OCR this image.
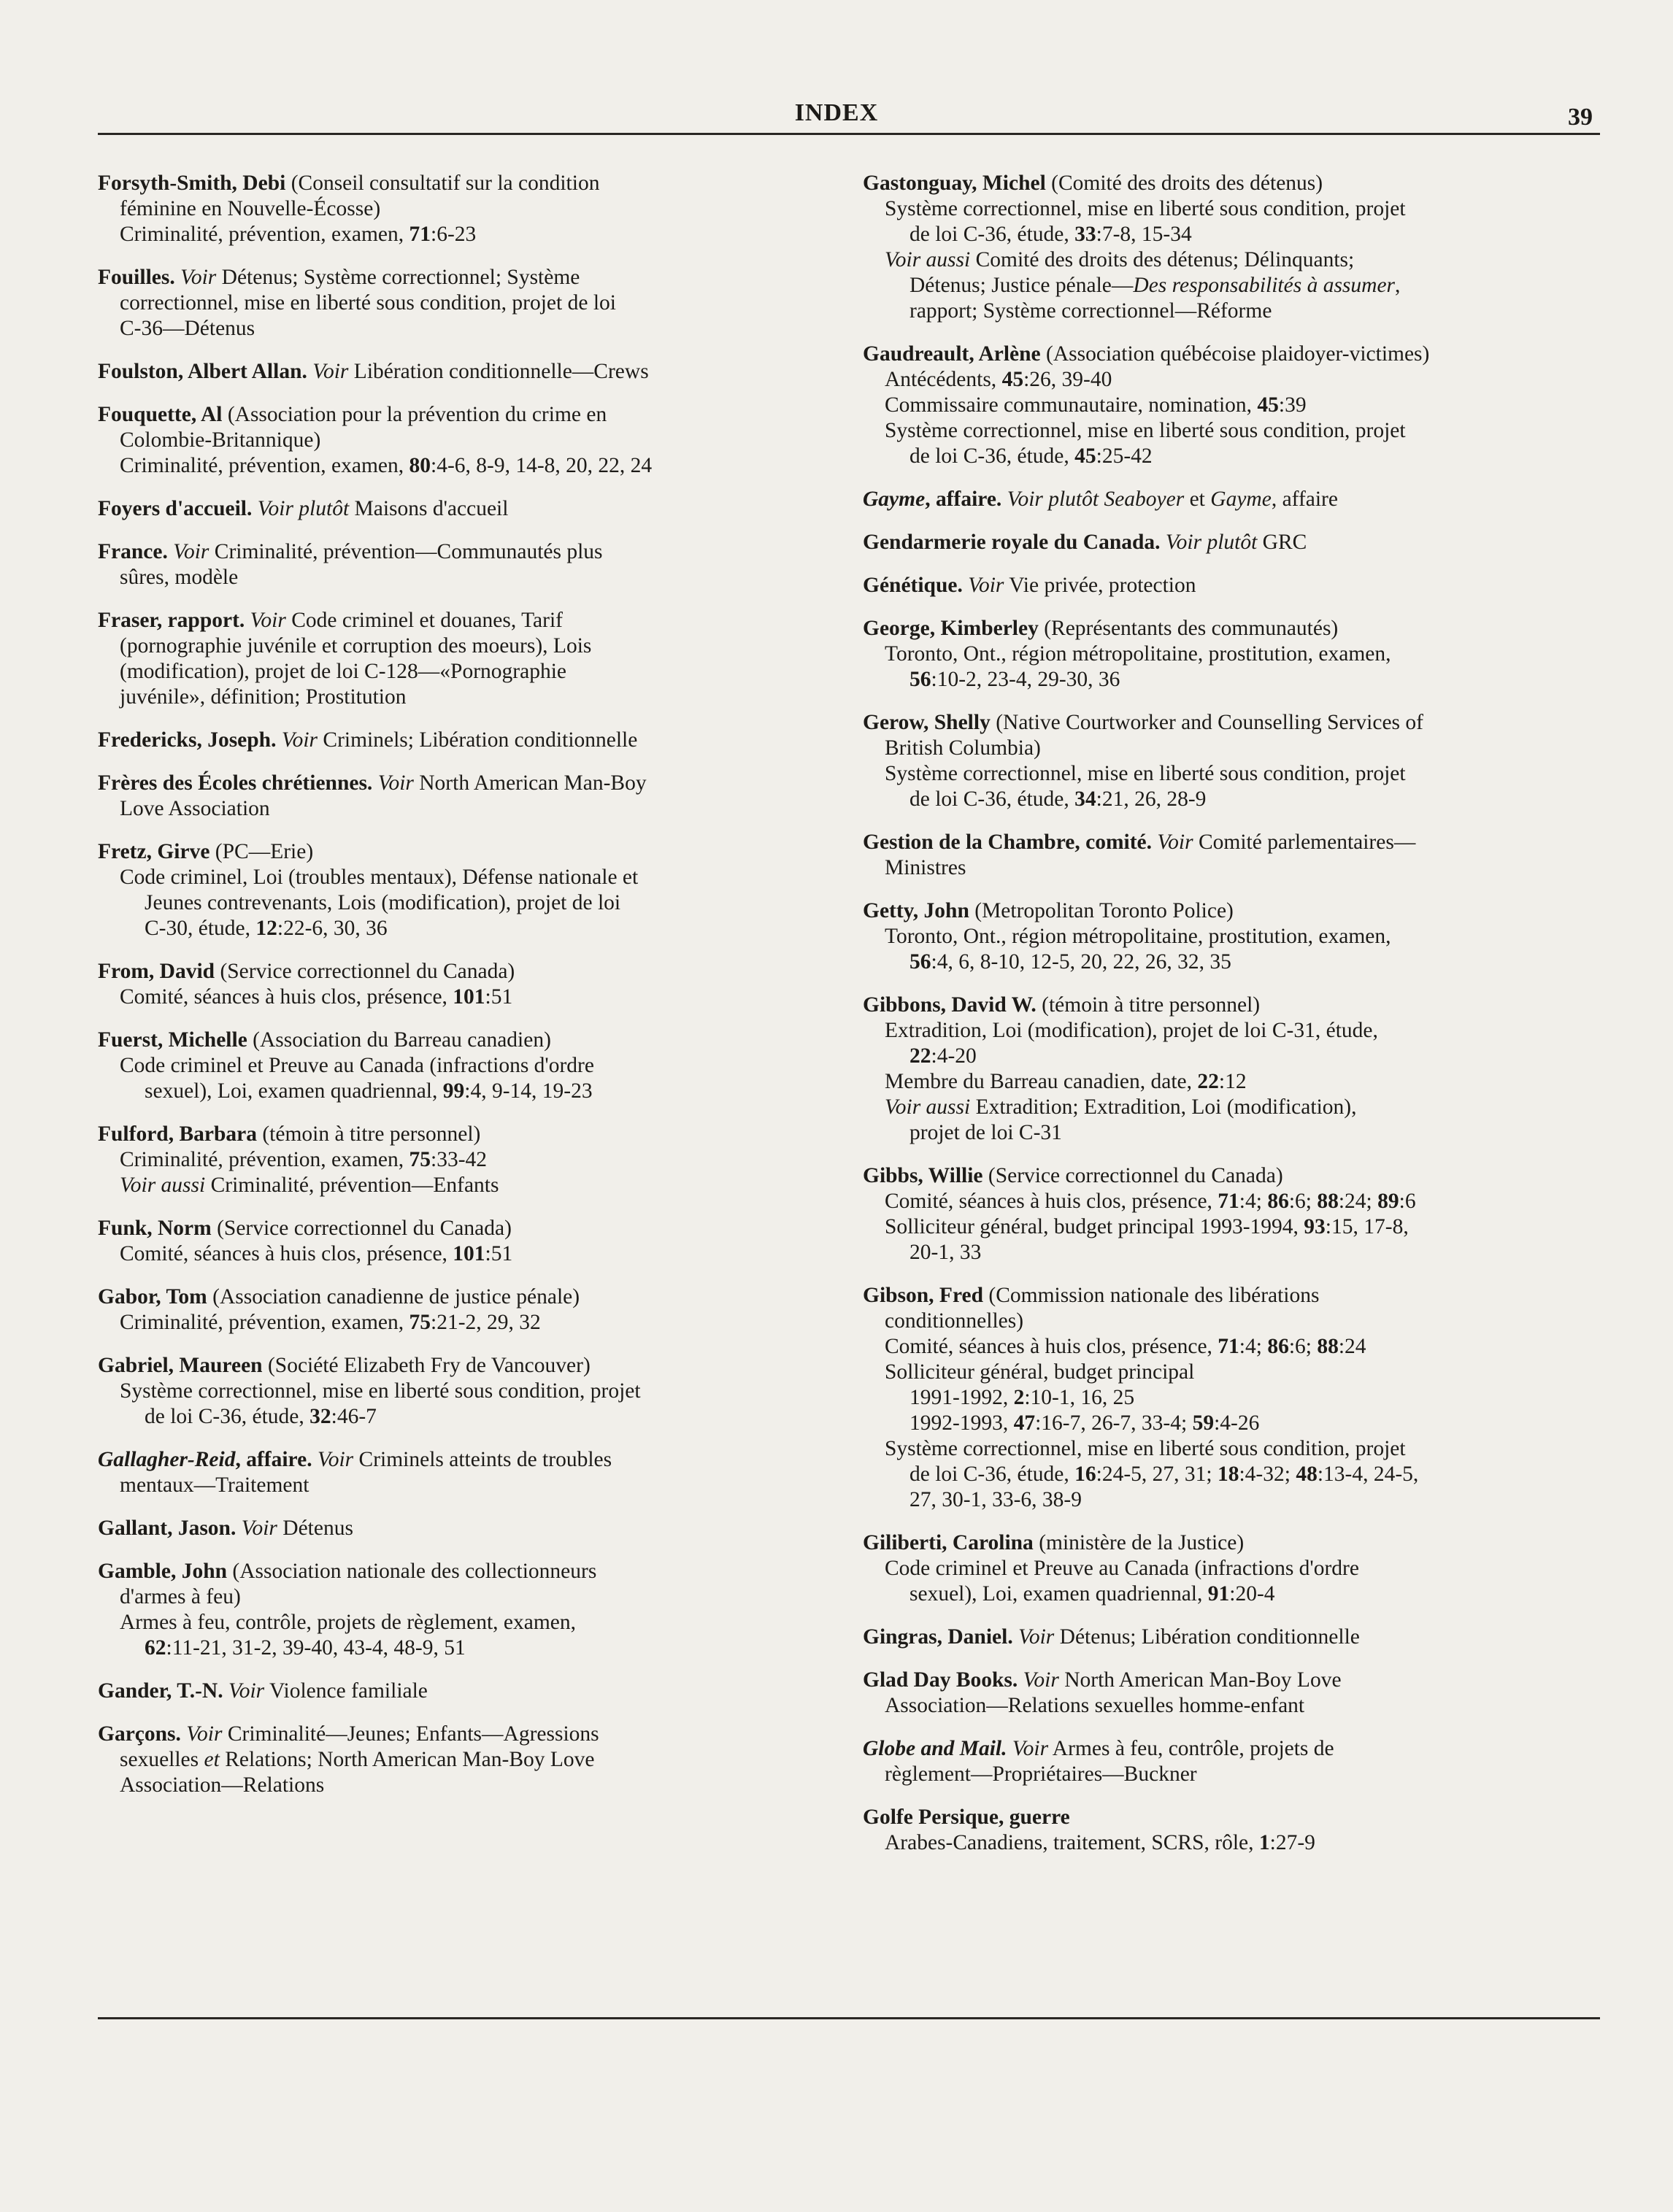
INDEX	39
Forsyth-Smith, Debi (Conseil consultatif sur la condition
féminine en Nouvelle-Écosse)
Criminalité, prévention, examen, 71:6-23
Fouilles. Voir Détenus; Système correctionnel; Système
correctionnel, mise en liberté sous condition, projet de loi
C-36—Détenus
Foulston, Albert Allan. Voir Libération conditionnelle—Crews
Fouquette, Al (Association pour la prévention du crime en
Colombie-Britannique)
Criminalité, prévention, examen, 80:4-6, 8-9, 14-8, 20, 22, 24
Foyers d'accueil. Voir plutôt Maisons d'accueil
France. Voir Criminalité, prévention—Communautés plus
sûres, modèle
Fraser, rapport. Voir Code criminel et douanes, Tarif
(pornographie juvénile et corruption des moeurs), Lois
(modification), projet de loi C-128—«Pornographie
juvénile», définition; Prostitution
Fredericks, Joseph. Voir Criminels; Libération conditionnelle
Frères des Écoles chrétiennes. Voir North American Man-Boy
Love Association
Fretz, Girve (PC—Erie)
Code criminel, Loi (troubles mentaux), Défense nationale et
Jeunes contrevenants, Lois (modification), projet de loi
C-30, étude, 12:22-6, 30, 36
From, David (Service correctionnel du Canada)
Comité, séances à huis clos, présence, 101:51
Fuerst, Michelle (Association du Barreau canadien)
Code criminel et Preuve au Canada (infractions d'ordre
sexuel), Loi, examen quadriennal, 99:4, 9-14, 19-23
Fulford, Barbara (témoin à titre personnel)
Criminalité, prévention, examen, 75:33-42
Voir aussi Criminalité, prévention—Enfants
Funk, Norm (Service correctionnel du Canada)
Comité, séances à huis clos, présence, 101:51
Gabor, Tom (Association canadienne de justice pénale)
Criminalité, prévention, examen, 75:21-2, 29, 32
Gabriel, Maureen (Société Elizabeth Fry de Vancouver)
Système correctionnel, mise en liberté sous condition, projet
de loi C-36, étude, 32:46-7
Gallagher-Reid, affaire. Voir Criminels atteints de troubles
mentaux—Traitement
Gallant, Jason. Voir Détenus
Gamble, John (Association nationale des collectionneurs
d'armes à feu)
Armes à feu, contrôle, projets de règlement, examen,
62:11-21, 31-2, 39-40, 43-4, 48-9, 51
Gander, T.-N. Voir Violence familiale
Garçons. Voir Criminalité—Jeunes; Enfants—Agressions
sexuelles et Relations; North American Man-Boy Love
Association—Relations
Gastonguay, Michel (Comité des droits des détenus)
Système correctionnel, mise en liberté sous condition, projet
de loi C-36, étude, 33:7-8, 15-34
Voir aussi Comité des droits des détenus; Délinquants;
Détenus; Justice pénale—Des responsabilités à assumer,
rapport; Système correctionnel—Réforme
Gaudreault, Arlène (Association québécoise plaidoyer-victimes)
Antécédents, 45:26, 39-40
Commissaire communautaire, nomination, 45:39
Système correctionnel, mise en liberté sous condition, projet
de loi C-36, étude, 45:25-42
Gayme, affaire. Voir plutôt Seaboyer et Gayme, affaire
Gendarmerie royale du Canada. Voir plutôt GRC
Génétique. Voir Vie privée, protection
George, Kimberley (Représentants des communautés)
Toronto, Ont., région métropolitaine, prostitution, examen,
56:10-2, 23-4, 29-30, 36
Gerow, Shelly (Native Courtworker and Counselling Services of
British Columbia)
Système correctionnel, mise en liberté sous condition, projet
de loi C-36, étude, 34:21, 26, 28-9
Gestion de la Chambre, comité. Voir Comité parlementaires—
Ministres
Getty, John (Metropolitan Toronto Police)
Toronto, Ont., région métropolitaine, prostitution, examen,
56:4, 6, 8-10, 12-5, 20, 22, 26, 32, 35
Gibbons, David W. (témoin à titre personnel)
Extradition, Loi (modification), projet de loi C-31, étude,
22:4-20
Membre du Barreau canadien, date, 22:12
Voir aussi Extradition; Extradition, Loi (modification),
projet de loi C-31
Gibbs, Willie (Service correctionnel du Canada)
Comité, séances à huis clos, présence, 71:4; 86:6; 88:24; 89:6
Solliciteur général, budget principal 1993-1994, 93:15, 17-8,
20-1, 33
Gibson, Fred (Commission nationale des libérations
conditionnelles)
Comité, séances à huis clos, présence, 71:4; 86:6; 88:24
Solliciteur général, budget principal
1991-1992, 2:10-1, 16, 25
1992-1993, 47:16-7, 26-7, 33-4; 59:4-26
Système correctionnel, mise en liberté sous condition, projet
de loi C-36, étude, 16:24-5, 27, 31; 18:4-32; 48:13-4, 24-5,
27, 30-1, 33-6, 38-9
Giliberti, Carolina (ministère de la Justice)
Code criminel et Preuve au Canada (infractions d'ordre
sexuel), Loi, examen quadriennal, 91:20-4
Gingras, Daniel. Voir Détenus; Libération conditionnelle
Glad Day Books. Voir North American Man-Boy Love
Association—Relations sexuelles homme-enfant
Globe and Mail. Voir Armes à feu, contrôle, projets de
règlement—Propriétaires—Buckner
Golfe Persique, guerre
Arabes-Canadiens, traitement, SCRS, rôle, 1:27-9
